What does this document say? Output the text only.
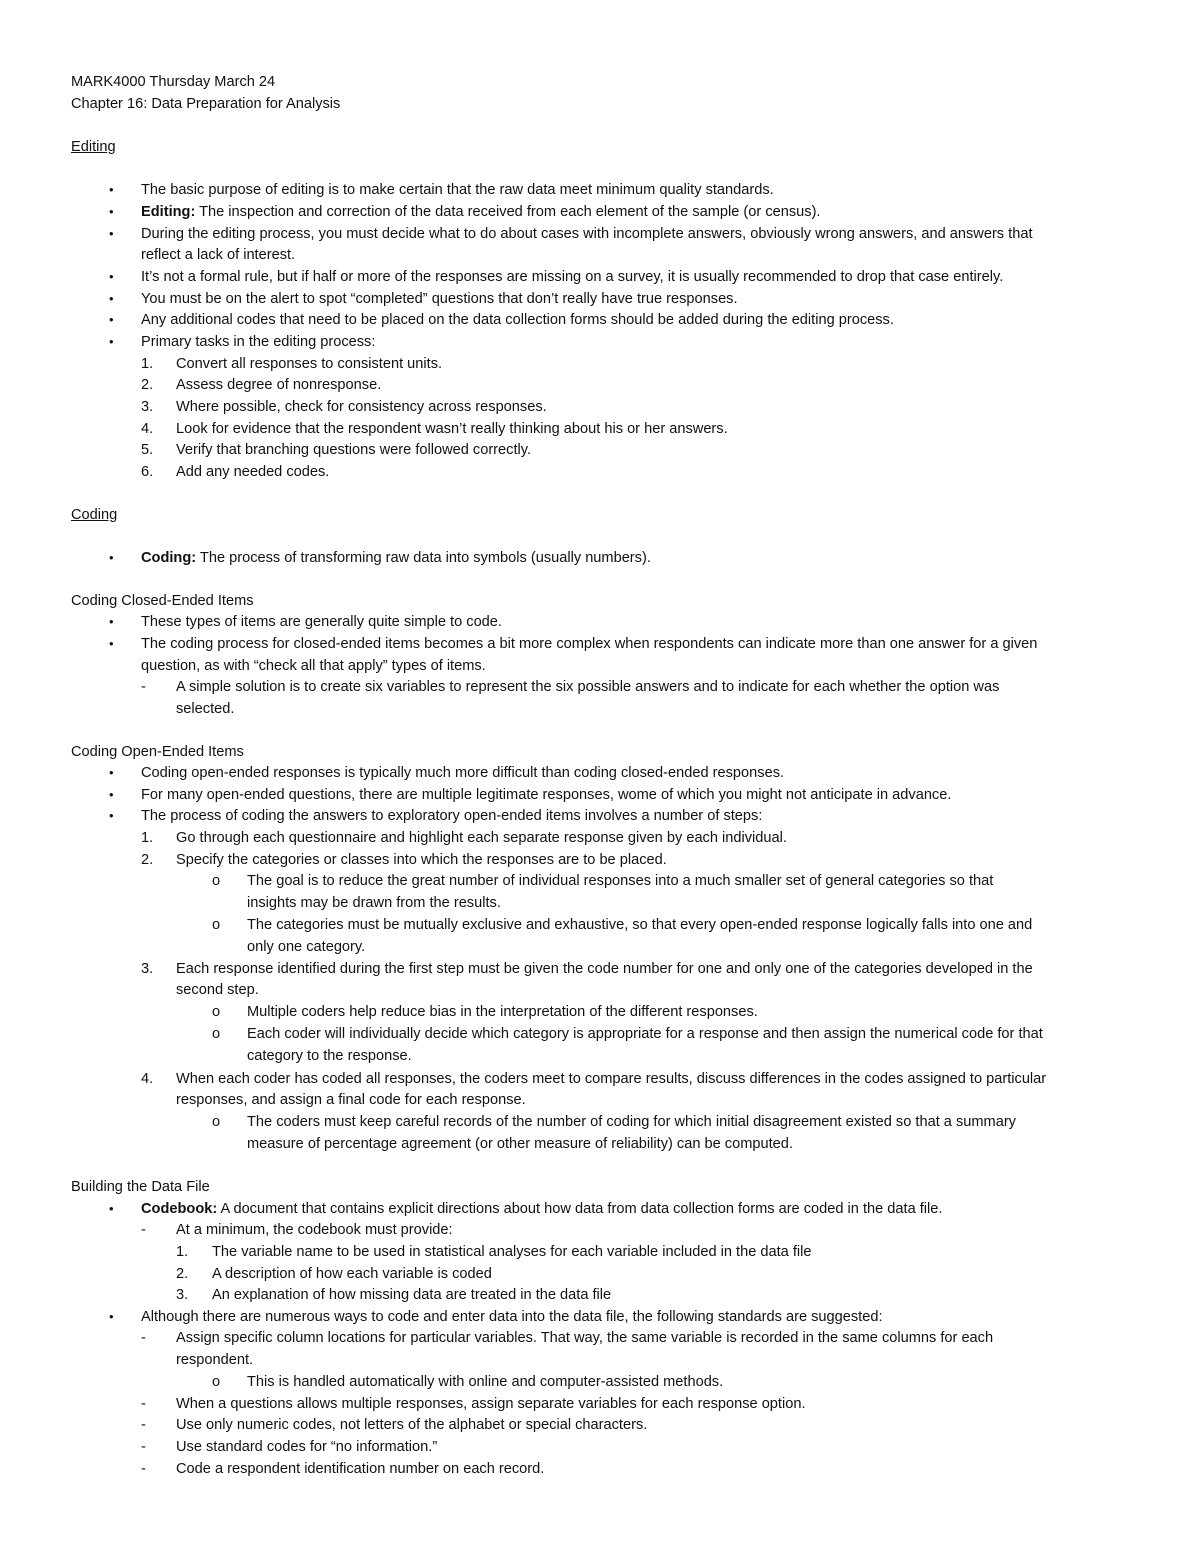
MARK4000 Thursday March 24
Chapter 16: Data Preparation for Analysis
Editing
• The basic purpose of editing is to make certain that the raw data meet minimum quality standards.
• Editing: The inspection and correction of the data received from each element of the sample (or census).
• During the editing process, you must decide what to do about cases with incomplete answers, obviously wrong answers, and answers that
reflect a lack of interest.
• It’s not a formal rule, but if half or more of the responses are missing on a survey, it is usually recommended to drop that case entirely.
• You must be on the alert to spot “completed” questions that don’t really have true responses.
• Any additional codes that need to be placed on the data collection forms should be added during the editing process.
• Primary tasks in the editing process:
1. Convert all responses to consistent units.
2. Assess degree of nonresponse.
3. Where possible, check for consistency across responses.
4. Look for evidence that the respondent wasn’t really thinking about his or her answers.
5. Verify that branching questions were followed correctly.
6. Add any needed codes.
Coding
• Coding: The process of transforming raw data into symbols (usually numbers).
Coding Closed-Ended Items
• These types of items are generally quite simple to code.
• The coding process for closed-ended items becomes a bit more complex when respondents can indicate more than one answer for a given
question, as with “check all that apply” types of items.
- A simple solution is to create six variables to represent the six possible answers and to indicate for each whether the option was
selected.
Coding Open-Ended Items
• Coding open-ended responses is typically much more difficult than coding closed-ended responses.
• For many open-ended questions, there are multiple legitimate responses, wome of which you might not anticipate in advance.
• The process of coding the answers to exploratory open-ended items involves a number of steps:
1. Go through each questionnaire and highlight each separate response given by each individual.
2. Specify the categories or classes into which the responses are to be placed.
o The goal is to reduce the great number of individual responses into a much smaller set of general categories so that
insights may be drawn from the results.
o The categories must be mutually exclusive and exhaustive, so that every open-ended response logically falls into one and
only one category.
3. Each response identified during the first step must be given the code number for one and only one of the categories developed in the
second step.
o Multiple coders help reduce bias in the interpretation of the different responses.
o Each coder will individually decide which category is appropriate for a response and then assign the numerical code for that
category to the response.
4. When each coder has coded all responses, the coders meet to compare results, discuss differences in the codes assigned to particular
responses, and assign a final code for each response.
o The coders must keep careful records of the number of coding for which initial disagreement existed so that a summary
measure of percentage agreement (or other measure of reliability) can be computed.
Building the Data File
• Codebook: A document that contains explicit directions about how data from data collection forms are coded in the data file.
- At a minimum, the codebook must provide:
1. The variable name to be used in statistical analyses for each variable included in the data file
2. A description of how each variable is coded
3. An explanation of how missing data are treated in the data file
• Although there are numerous ways to code and enter data into the data file, the following standards are suggested:
- Assign specific column locations for particular variables. That way, the same variable is recorded in the same columns for each
respondent.
o This is handled automatically with online and computer-assisted methods.
- When a questions allows multiple responses, assign separate variables for each response option.
- Use only numeric codes, not letters of the alphabet or special characters.
- Use standard codes for “no information.”
- Code a respondent identification number on each record.
